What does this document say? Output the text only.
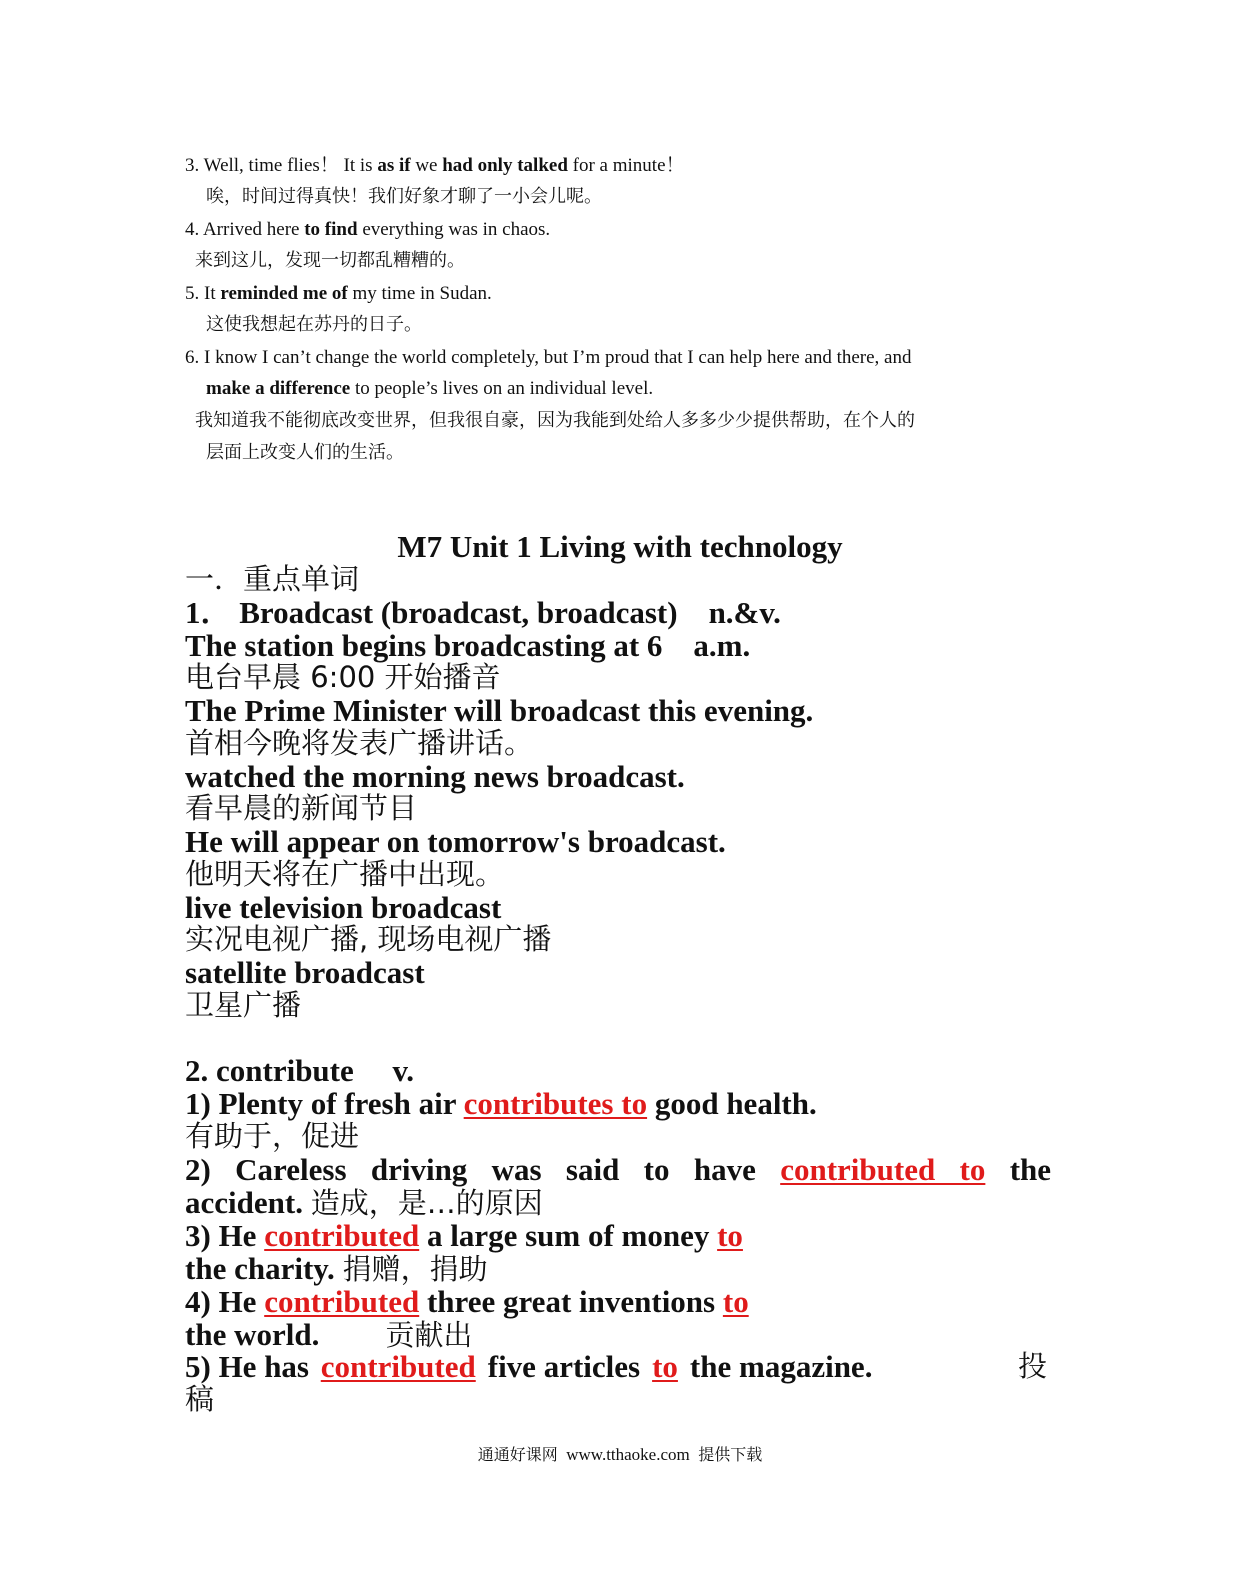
3. Well, time flies！ It is as if we had only talked for a minute！
唉，时间过得真快！我们好象才聊了一小会儿呢。
4. Arrived here to find everything was in chaos.
来到这儿，发现一切都乱糟糟的。
5. It reminded me of my time in Sudan.
这使我想起在苏丹的日子。
6. I know I can’t change the world completely, but I’m proud that I can help here and there, and
make a difference to people’s lives on an individual level.
我知道我不能彻底改变世界，但我很自豪，因为我能到处给人多多少少提供帮助，在个人的
层面上改变人们的生活。
M7 Unit 1 Living with technology
一．重点单词
1． Broadcast (broadcast, broadcast)　n.&v.
The station begins broadcasting at 6　a.m.
电台早晨 6:00 开始播音
The Prime Minister will broadcast this evening.
首相今晚将发表广播讲话。
watched the morning news broadcast.
看早晨的新闻节目
He will appear on tomorrow's broadcast.
他明天将在广播中出现。
live television broadcast
实况电视广播, 现场电视广播
satellite broadcast
卫星广播
2. contribute　 v.
1) Plenty of fresh air contributes to good health.
有助于，促进
2) Careless driving was said to have contributed to the
accident. 造成，是…的原因
3) He contributed a large sum of money to
the charity. 捐赠，捐助
4) He contributed three great inventions to
the world. 贡献出
5) He has contributed five articles to the magazine.	投
稿
通通好课网 www.tthaoke.com 提供下载
